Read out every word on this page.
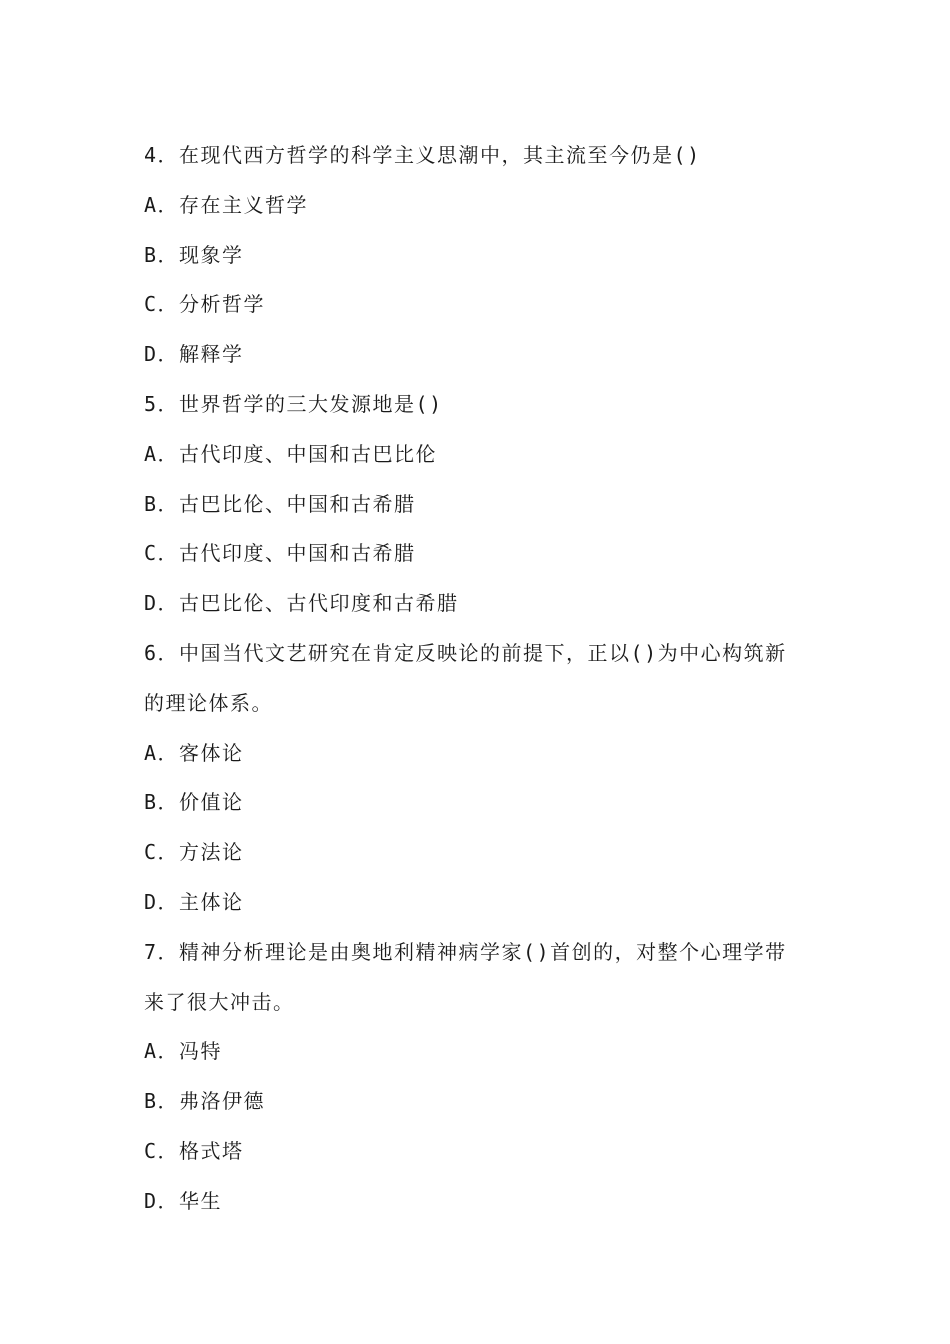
4．在现代西方哲学的科学主义思潮中，其主流至今仍是()
A．存在主义哲学
B．现象学
C．分析哲学
D．解释学
5．世界哲学的三大发源地是()
A．古代印度、中国和古巴比伦
B．古巴比伦、中国和古希腊
C．古代印度、中国和古希腊
D．古巴比伦、古代印度和古希腊
6．中国当代文艺研究在肯定反映论的前提下，正以()为中心构筑新
的理论体系。
A．客体论
B．价值论
C．方法论
D．主体论
7．精神分析理论是由奥地利精神病学家()首创的，对整个心理学带
来了很大冲击。
A．冯特
B．弗洛伊德
C．格式塔
D．华生
